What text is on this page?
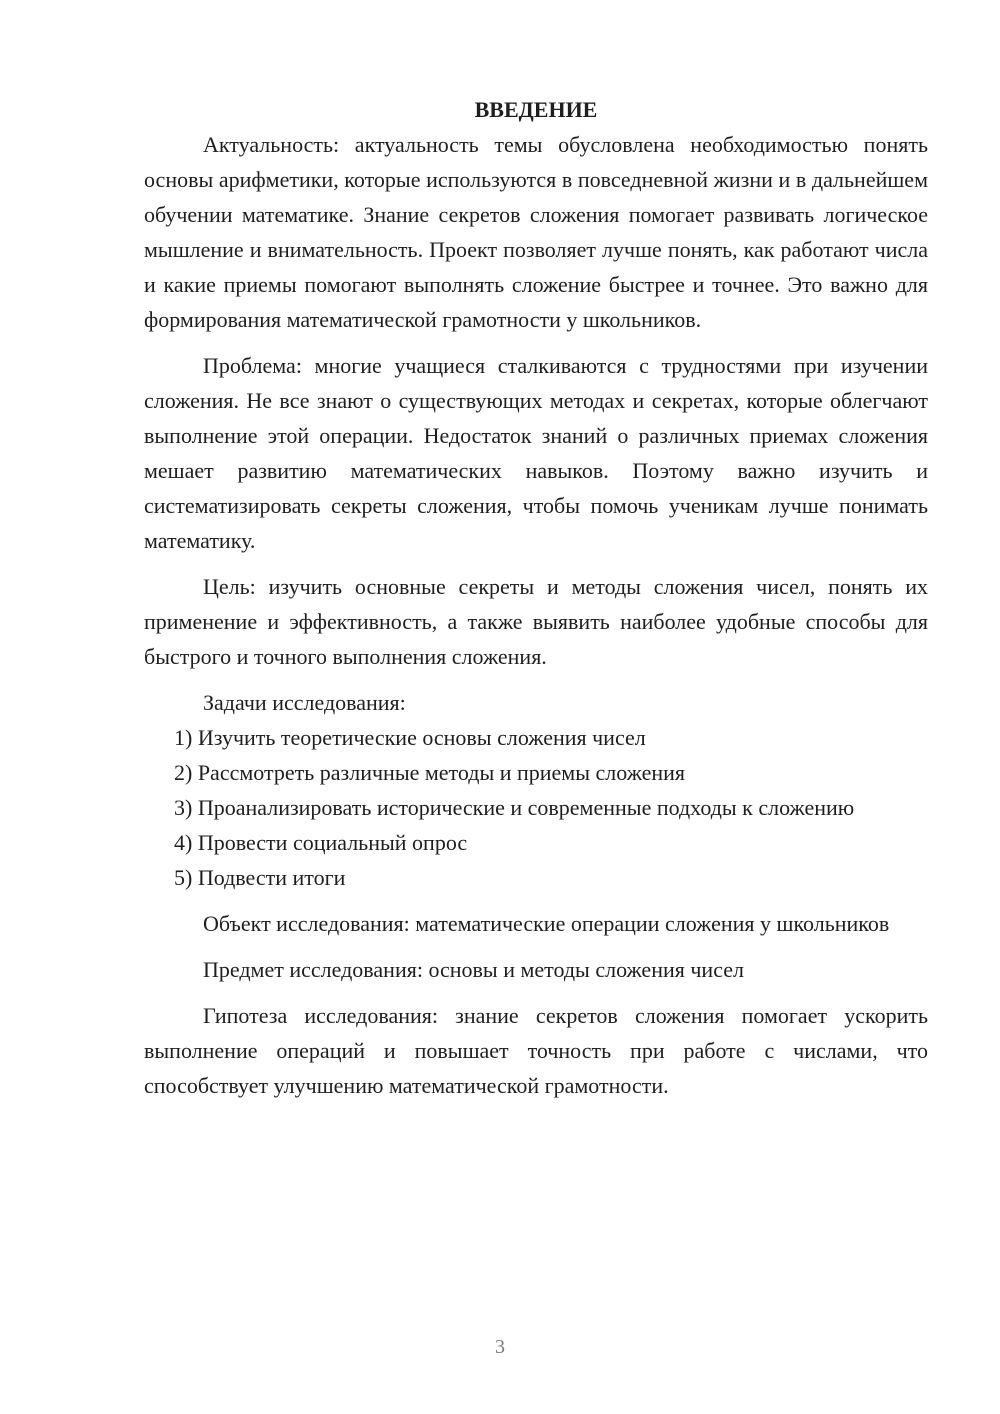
ВВЕДЕНИЕ

Актуальность: актуальность темы обусловлена необходимостью понять основы арифметики, которые используются в повседневной жизни и в дальнейшем обучении математике. Знание секретов сложения помогает развивать логическое мышление и внимательность. Проект позволяет лучше понять, как работают числа и какие приемы помогают выполнять сложение быстрее и точнее. Это важно для формирования математической грамотности у школьников.

Проблема: многие учащиеся сталкиваются с трудностями при изучении сложения. Не все знают о существующих методах и секретах, которые облегчают выполнение этой операции. Недостаток знаний о различных приемах сложения мешает развитию математических навыков. Поэтому важно изучить и систематизировать секреты сложения, чтобы помочь ученикам лучше понимать математику.

Цель: изучить основные секреты и методы сложения чисел, понять их применение и эффективность, а также выявить наиболее удобные способы для быстрого и точного выполнения сложения.

Задачи исследования:

1) Изучить теоретические основы сложения чисел

2) Рассмотреть различные методы и приемы сложения

3) Проанализировать исторические и современные подходы к сложению

4) Провести социальный опрос

5) Подвести итоги

Объект исследования: математические операции сложения у школьников

Предмет исследования: основы и методы сложения чисел

Гипотеза исследования: знание секретов сложения помогает ускорить выполнение операций и повышает точность при работе с числами, что способствует улучшению математической грамотности.

3
